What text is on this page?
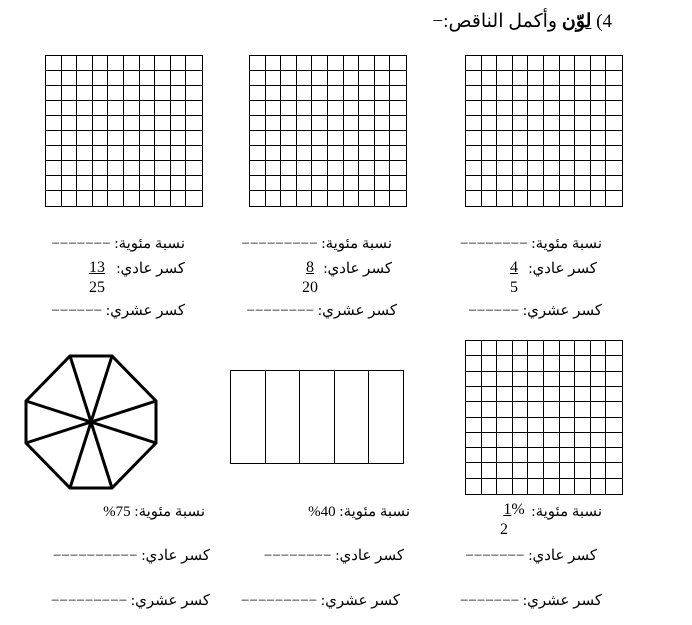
4) لوّن وأكمل الناقص:−
نسبة مئوية: −−−−−−−−
كسر عادي:
$\frac{4}{5}$
كسر عشري: −−−−−−
نسبة مئوية: −−−−−−−−−
كسر عادي:
$\frac{8}{20}$
كسر عشري: −−−−−−−−
نسبة مئوية: −−−−−−−
كسر عادي:
$\frac{13}{25}$
كسر عشري: −−−−−−
نسبة مئوية:
1%
2
كسر عادي: −−−−−−−
كسر عشري: −−−−−−−
نسبة مئوية: 40%
كسر عادي: −−−−−−−−
كسر عشري: −−−−−−−−−
نسبة مئوية: 75%
كسر عادي: −−−−−−−−−−
كسر عشري: −−−−−−−−−
